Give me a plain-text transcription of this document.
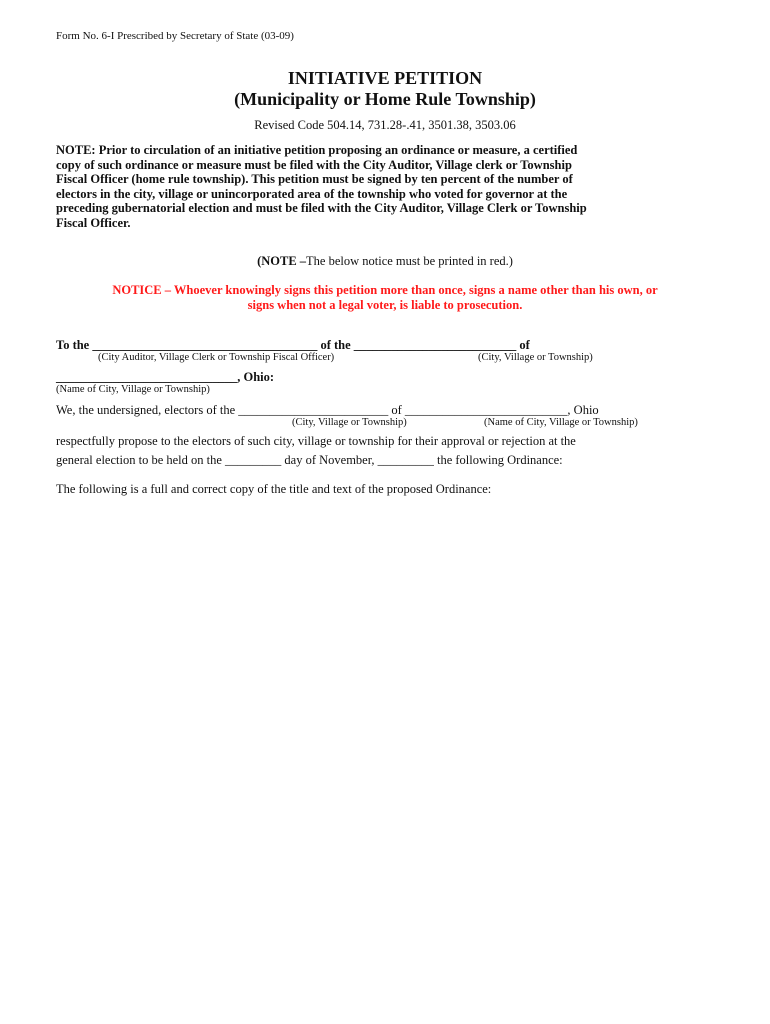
Form No. 6-I Prescribed by Secretary of State (03-09)
INITIATIVE PETITION
(Municipality or Home Rule Township)
Revised Code 504.14, 731.28-.41, 3501.38, 3503.06
NOTE: Prior to circulation of an initiative petition proposing an ordinance or measure, a certified
copy of such ordinance or measure must be filed with the City Auditor, Village clerk or Township
Fiscal Officer (home rule township). This petition must be signed by ten percent of the number of
electors in the city, village or unincorporated area of the township who voted for governor at the
preceding gubernatorial election and must be filed with the City Auditor, Village Clerk or Township
Fiscal Officer.
(NOTE –The below notice must be printed in red.)
NOTICE – Whoever knowingly signs this petition more than once, signs a name other than his own, or
signs when not a legal voter, is liable to prosecution.
To the ____________________________________ of the __________________________ of
(City Auditor, Village Clerk or Township Fiscal Officer)	(City, Village or Township)
_____________________________, Ohio:
(Name of City, Village or Township)
We, the undersigned, electors of the ________________________ of __________________________, Ohio
(City, Village or Township)	(Name of City, Village or Township)
respectfully propose to the electors of such city, village or township for their approval or rejection at the
general election to be held on the _________ day of November, _________ the following Ordinance:
The following is a full and correct copy of the title and text of the proposed Ordinance:
